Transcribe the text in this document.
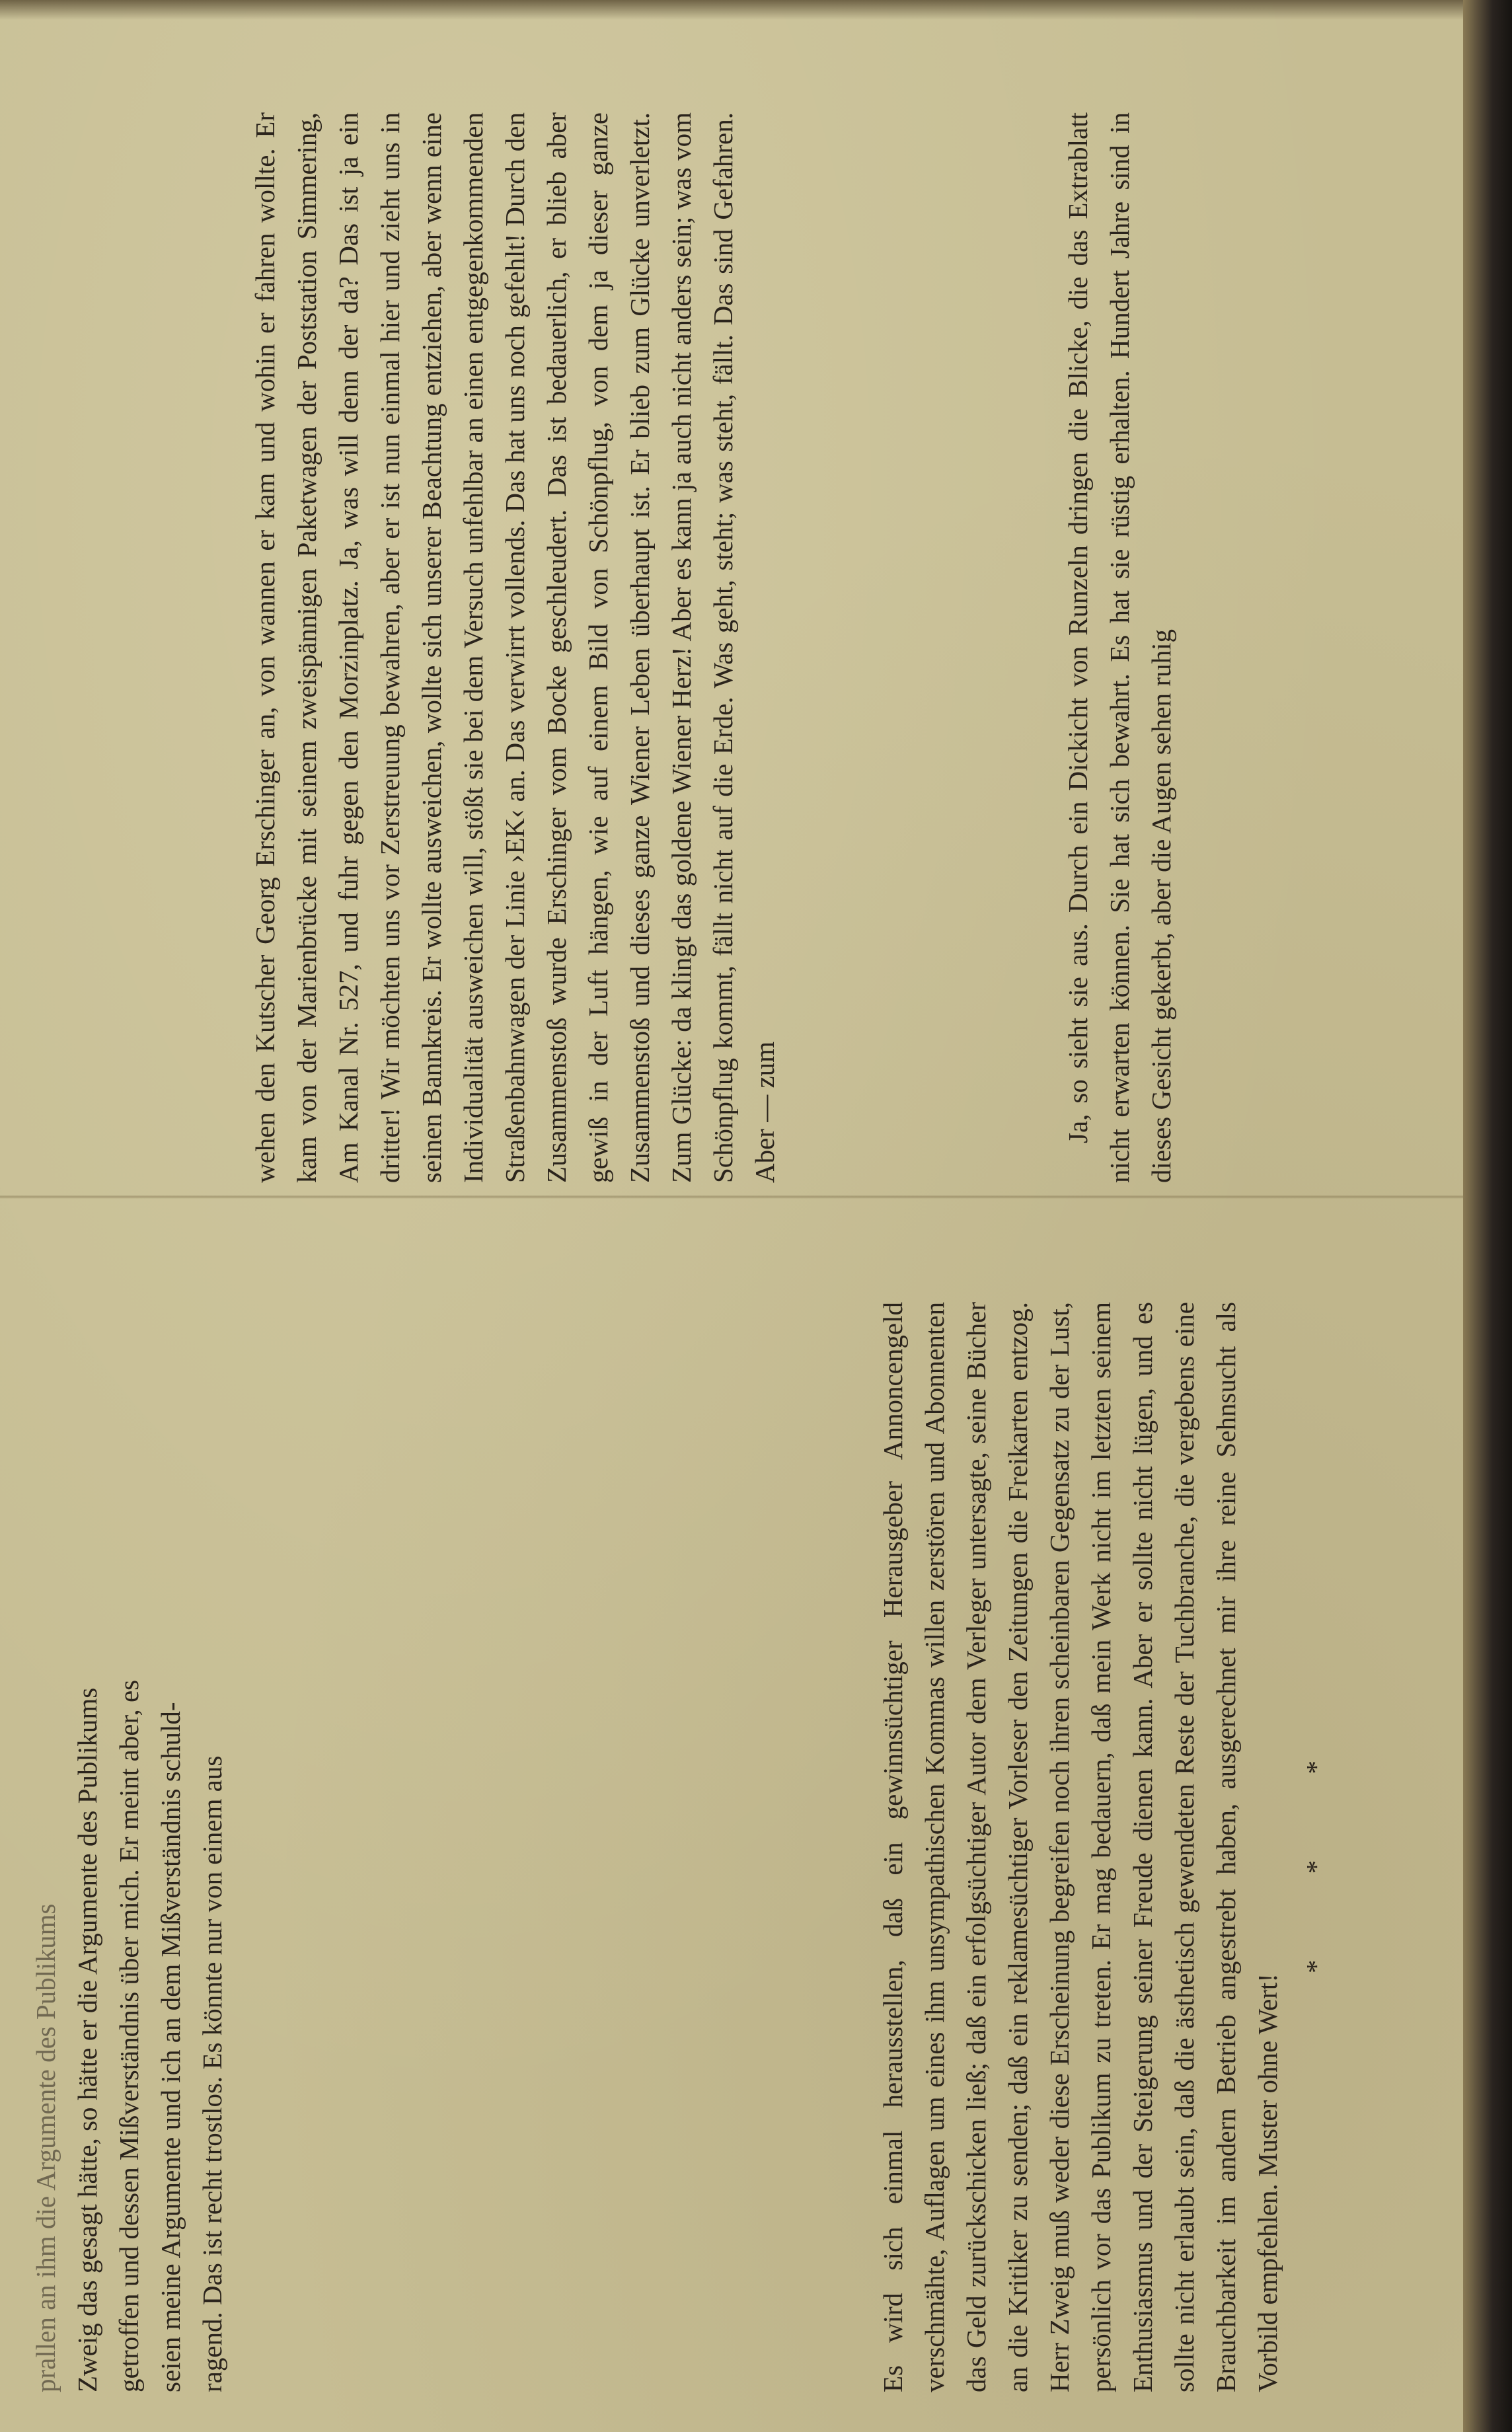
Ja, so sieht sie aus. Durch ein Dickicht von Runzeln dringen die Blicke, die das Extrablatt nicht erwarten können. Sie hat sich bewahrt. Es hat sie rüstig erhalten. Hundert Jahre sind in dieses Gesicht gekerbt, aber die Augen sehen ruhig

wehen den Kutscher Georg Erschinger an, von wannen er kam und wohin er fahren wollte. Er kam von der Marienbrücke mit seinem zweispännigen Paketwagen der Poststation Simmering, Am Kanal Nr. 527, und fuhr gegen den Morzinplatz. Ja, was will denn der da? Das ist ja ein dritter! Wir möchten uns vor Zerstreuung bewahren, aber er ist nun einmal hier und zieht uns in seinen Bannkreis. Er wollte ausweichen, wollte sich unserer Beachtung entziehen, aber wenn eine Individualität ausweichen will, stößt sie bei dem Versuch unfehlbar an einen entgegenkommenden Straßenbahnwagen der Linie ›EK‹ an. Das verwirrt vollends. Das hat uns noch gefehlt! Durch den Zusammenstoß wurde Erschinger vom Bocke geschleudert. Das ist bedauerlich, er blieb aber gewiß in der Luft hängen, wie auf einem Bild von Schönpflug, von dem ja dieser ganze Zusammenstoß und dieses ganze Wiener Leben überhaupt ist. Er blieb zum Glücke unverletzt. Zum Glücke: da klingt das goldene Wiener Herz! Aber es kann ja auch nicht anders sein; was vom Schönpflug kommt, fällt nicht auf die Erde. Was geht, steht; was steht, fällt. Das sind Gefahren. Aber — zum

prallen an ihm die Argumente des Publikums Zweig das gesagt hätte, so hätte er die Argumente des Publikums getroffen und dessen Mißverständnis über mich. Er meint aber, es seien meine Argumente und ich an dem Mißverständnis schuld- ragend. Das ist recht trostlos. Es könnte nur von einem aus	Es wird sich einmal herausstellen, daß ein gewinnsüchtiger Herausgeber Annoncengeld verschmähte, Auflagen um eines ihm unsympathischen Kommas willen zerstören und Abonnenten das Geld zurückschicken ließ; daß ein erfolgsüchtiger Autor dem Verleger untersagte, seine Bücher an die Kritiker zu senden; daß ein reklamesüchtiger Vorleser den Zeitungen die Freikarten entzog. Herr Zweig muß weder diese Erscheinung begreifen noch ihren scheinbaren Gegensatz zu der Lust, persönlich vor das Publikum zu treten. Er mag bedauern, daß mein Werk nicht im letzten seinem Enthusiasmus und der Steigerung seiner Freude dienen kann. Aber er sollte nicht lügen, und es sollte nicht erlaubt sein, daß die ästhetisch gewendeten Reste der Tuchbranche, die vergebens eine Brauchbarkeit im andern Betrieb angestrebt haben, ausgerechnet mir ihre reine Sehnsucht als Vorbild empfehlen. Muster ohne Wert!

* * *
